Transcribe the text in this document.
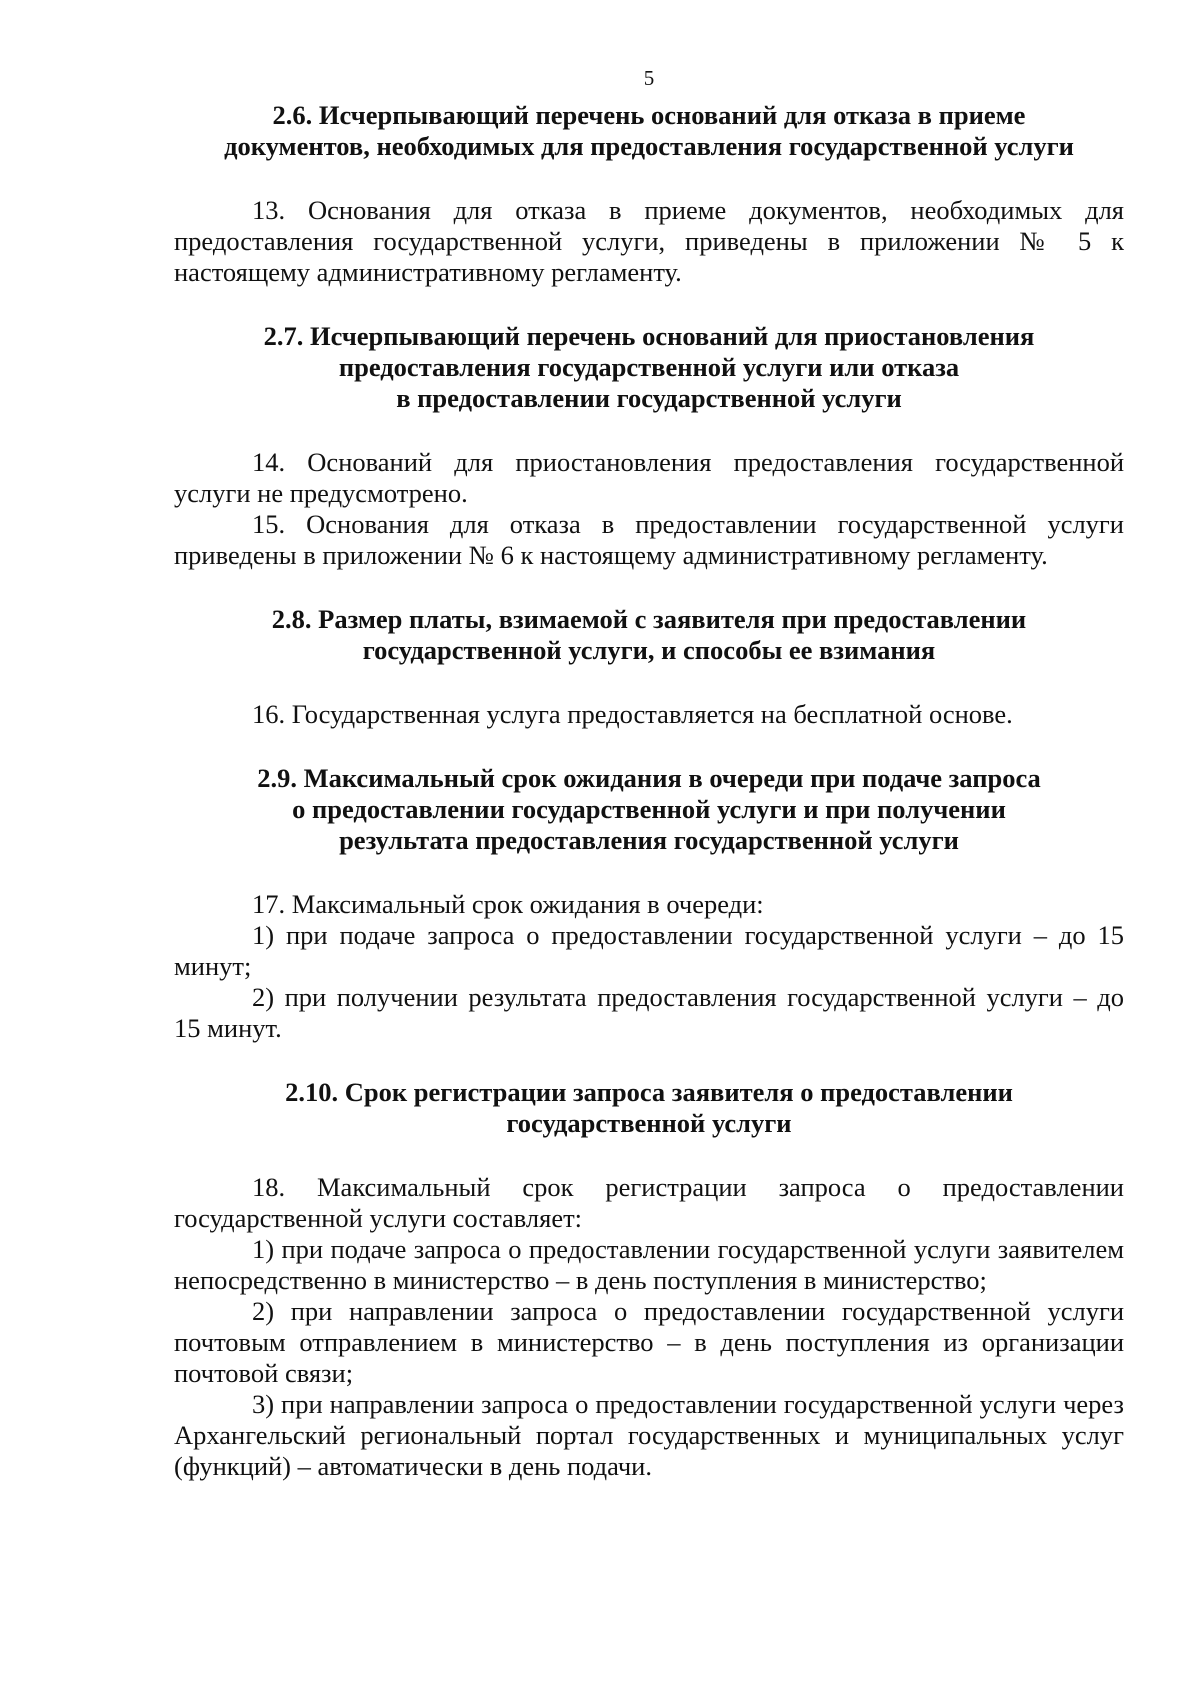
5
2.6. Исчерпывающий перечень оснований для отказа в приеме
документов, необходимых для предоставления государственной услуги

13. Основания для отказа в приеме документов, необходимых для предоставления государственной услуги, приведены в приложении № 5 к настоящему административному регламенту.

2.7. Исчерпывающий перечень оснований для приостановления
предоставления государственной услуги или отказа
в предоставлении государственной услуги

14. Оснований для приостановления предоставления государственной услуги не предусмотрено.

15. Основания для отказа в предоставлении государственной услуги приведены в приложении № 6 к настоящему административному регламенту.

2.8. Размер платы, взимаемой с заявителя при предоставлении
государственной услуги, и способы ее взимания

16. Государственная услуга предоставляется на бесплатной основе.

2.9. Максимальный срок ожидания в очереди при подаче запроса
о предоставлении государственной услуги и при получении
результата предоставления государственной услуги

17. Максимальный срок ожидания в очереди:

1) при подаче запроса о предоставлении государственной услуги – до 15 минут;

2) при получении результата предоставления государственной услуги – до 15 минут.

2.10. Срок регистрации запроса заявителя о предоставлении
государственной услуги

18. Максимальный срок регистрации запроса о предоставлении государственной услуги составляет:

1) при подаче запроса о предоставлении государственной услуги заявителем непосредственно в министерство – в день поступления в министерство;

2) при направлении запроса о предоставлении государственной услуги почтовым отправлением в министерство – в день поступления из организации почтовой связи;

3) при направлении запроса о предоставлении государственной услуги через Архангельский региональный портал государственных и муниципальных услуг (функций) – автоматически в день подачи.
